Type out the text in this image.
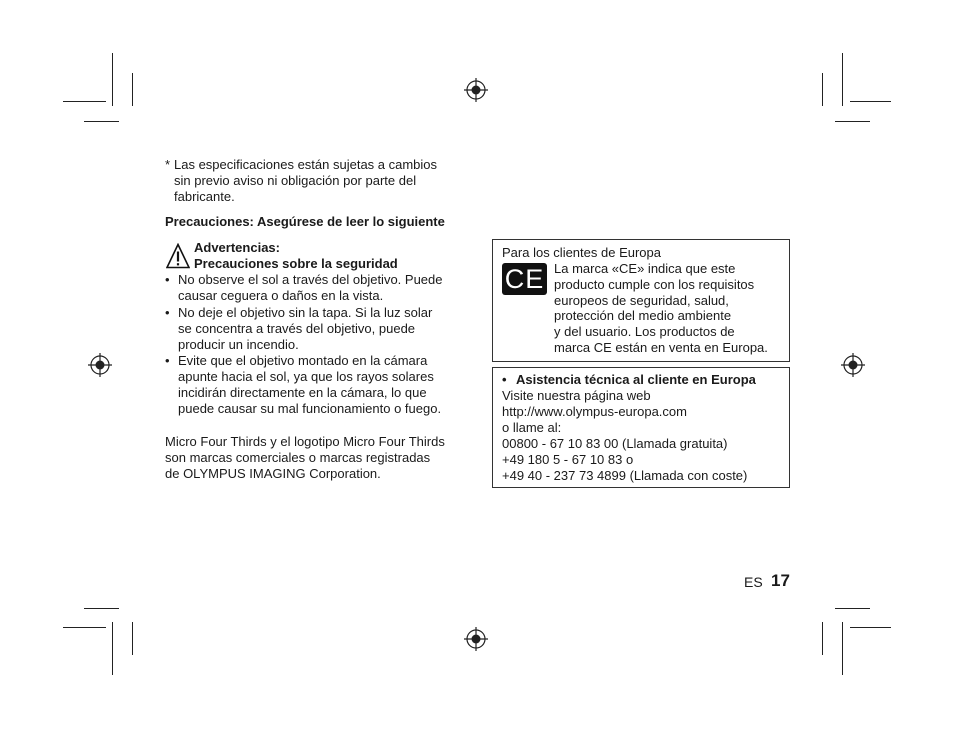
* Las especificaciones están sujetas a cambios
sin previo aviso ni obligación por parte del
fabricante.
Precauciones: Asegúrese de leer lo siguiente
Advertencias:
Precauciones sobre la seguridad
• No observe el sol a través del objetivo. Puede
causar ceguera o daños en la vista.
• No deje el objetivo sin la tapa. Si la luz solar
se concentra a través del objetivo, puede
producir un incendio.
• Evite que el objetivo montado en la cámara
apunte hacia el sol, ya que los rayos solares
incidirán directamente en la cámara, lo que
puede causar su mal funcionamiento o fuego.
Micro Four Thirds y el logotipo Micro Four Thirds
son marcas comerciales o marcas registradas
de OLYMPUS IMAGING Corporation.
Para los clientes de Europa
CE La marca «CE» indica que este
producto cumple con los requisitos
europeos de seguridad, salud,
protección del medio ambiente
y del usuario. Los productos de
marca CE están en venta en Europa.
• Asistencia técnica al cliente en Europa
Visite nuestra página web
http://www.olympus-europa.com
o llame al:
00800 - 67 10 83 00 (Llamada gratuita)
+49 180 5 - 67 10 83 o
+49 40 - 237 73 4899 (Llamada con coste)
ES 17
